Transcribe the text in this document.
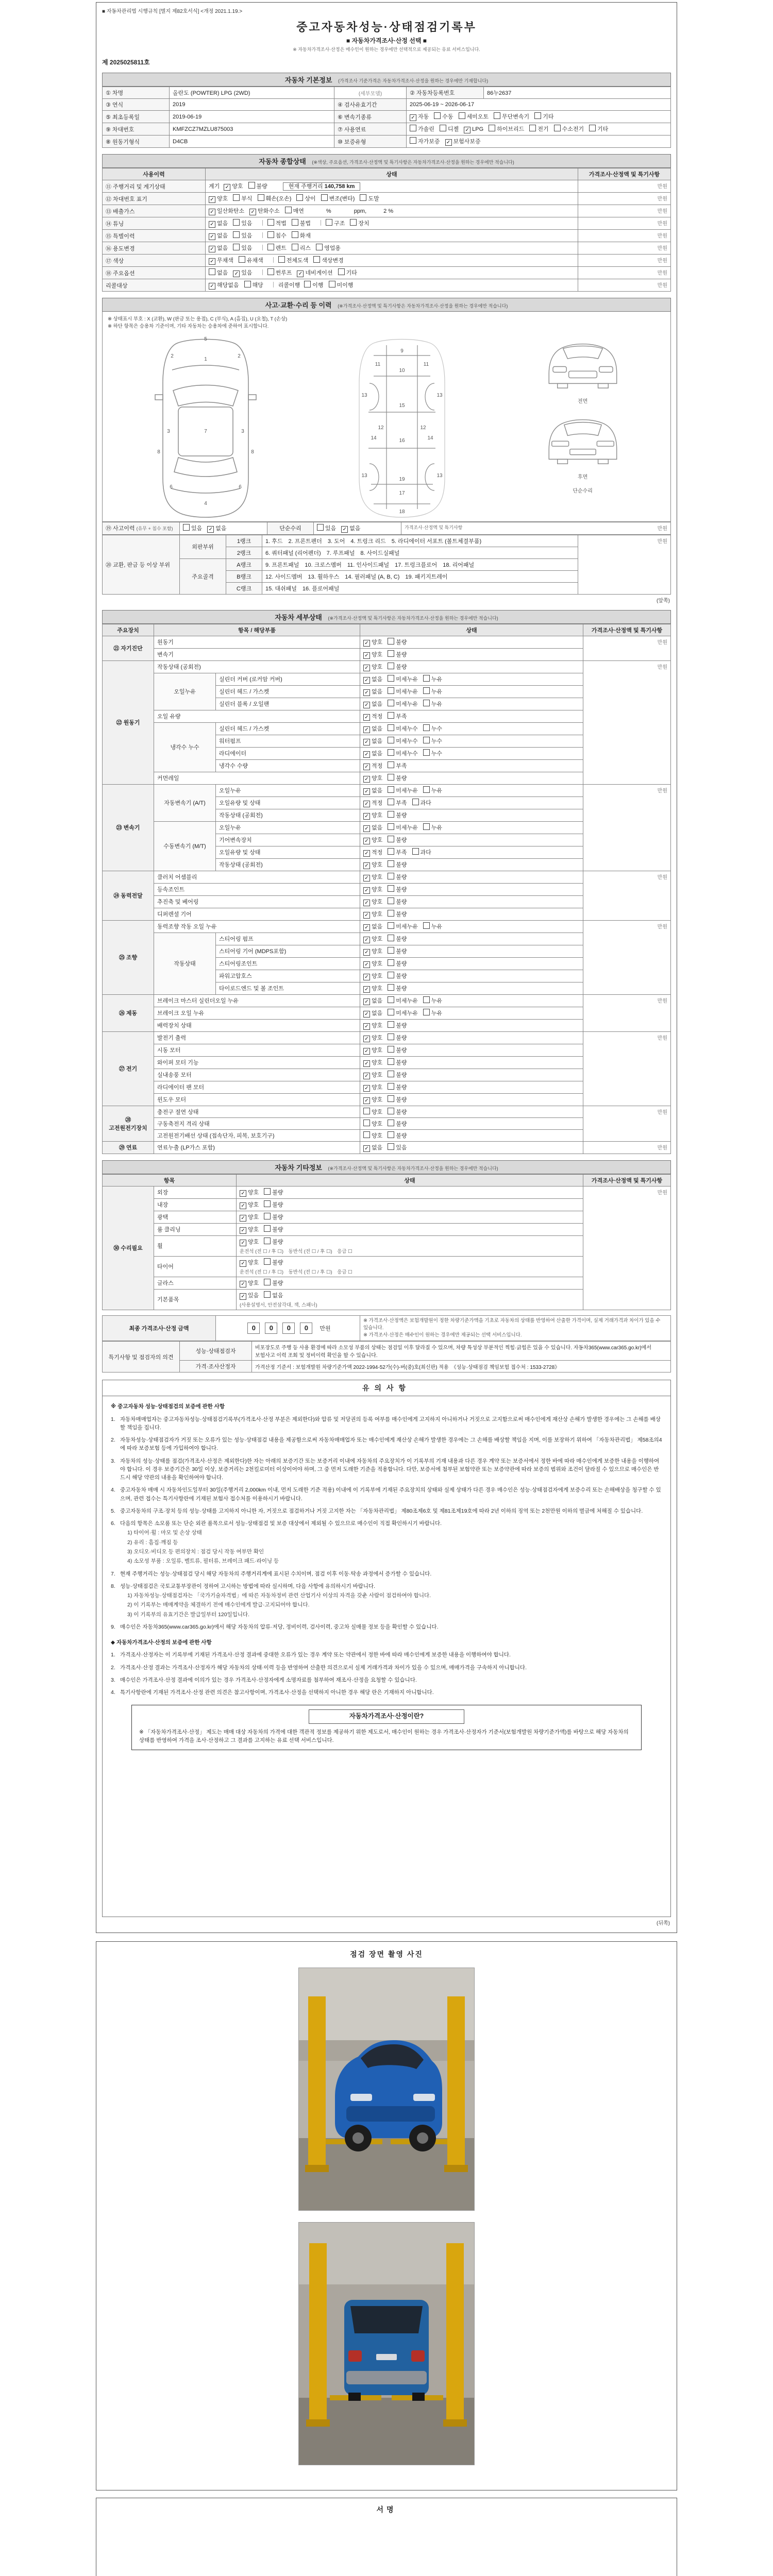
■ 자동차관리법 시행규칙 [별지 제82호서식] <개정 2021.1.19.>
중고자동차성능·상태점검기록부
■ 자동차가격조사·산정 선택 ■
※ 자동차가격조사·산정은 매수인이 원하는 경우에만 선택적으로 제공되는 유료 서비스입니다.
제 2025025811호
자동차 기본정보 (가격조사 기준가격은 자동차가격조사·산정을 원하는 경우에만 기재합니다)
① 차명	올란도 (POWTER) LPG (2WD)	(세부모델)	② 자동차등록번호	86누2637
③ 연식	2019	④ 검사유효기간	2025-06-19 ~ 2026-06-17	
⑤ 최초등록일	2019-06-19	⑥ 변속기종류	✓ 자동 수동 세미오토 무단변속기 기타	
⑨ 차대번호	KMFZCZ7MZLU875003	⑦ 사용연료	가솔린 디젤 ✓ LPG 하이브리드 전기 수소전기 기타	
⑧ 원동기형식	D4CB	⑩ 보증유형	자가보증 ✓ 보험사보증	
자동차 종합상태 (※색상, 주요옵션, 가격조사·산정액 및 특기사항은 자동차가격조사·산정을 원하는 경우에만 적습니다)
사용이력	상태	가격조사·산정액 및 특기사항
⑪ 주행거리 및 계기상태	계기 ✓ 양호 불량 현재 주행거리 140,758 km	만원
⑫ 차대번호 표기	✓ 양호 부식 훼손(오손) 상이 변조(변타) 도말	만원
⑬ 배출가스	✓ 일산화탄소 ✓ 탄화수소 매연　　　%　　　　ppm,　　　2 %	만원
⑭ 튜닝	✓ 없음 있음 적법 불법 구조 장치	만원
⑮ 특별이력	✓ 없음 있음 침수 화재	만원
⑯ 용도변경	✓ 없음 있음 렌트 리스 영업용	만원
⑰ 색상	✓ 무채색 유채색 전체도색 색상변경	만원
⑱ 주요옵션	없음 ✓ 있음 썬루프 ✓ 네비게이션 기타	만원
리콜대상	✓ 해당없음 해당 리콜이행 이행 미이행	만원
사고·교환·수리 등 이력 (※가격조사·산정액 및 특기사항은 자동차가격조사·산정을 원하는 경우에만 적습니다)
※ 상태표시 부호 : X (교환), W (판금 또는 용접), C (부식), A (흠집), U (요철), T (손상)
※ 하단 항목은 승용차 기준이며, 기타 자동차는 승용차에 준하여 표시합니다.
1
7
4
2	2
3	3
6	6
8	8
5
9
10
11	11
12	12
13	13
13	13
14	14
15
16
19
17
18
전면
후면
단순수리
⑲ 사고이력 (유무 + 침수 포함)	있음 ✓ 없음	단순수리	있음 ✓ 없음	가격조사·산정액 및 특기사항	만원
⑳ 교환, 판금 등 이상 부위	외판부위	1랭크	1. 후드　2. 프론트펜더　3. 도어　4. 트렁크 리드　5. 라디에이터 서포트 (볼트체결부품)	만원
		2랭크	6. 쿼터패널 (리어펜더)　7. 루프패널　8. 사이드실패널	
	주요골격	A랭크	9. 프론트패널　10. 크로스멤버　11. 인사이드패널　17. 트렁크플로어　18. 리어패널	
		B랭크	12. 사이드멤버　13. 휠하우스　14. 필러패널 (A, B, C)　19. 패키지트레이	
		C랭크	15. 대쉬패널　16. 플로어패널	
(앞쪽)
자동차 세부상태 (※가격조사·산정액 및 특기사항은 자동차가격조사·산정을 원하는 경우에만 적습니다)
주요장치	항목 / 해당부품		상태	가격조사·산정액 및 특기사항
㉑ 자기진단	원동기		✓ 양호 불량	만원
	변속기		✓ 양호 불량	
㉒ 원동기	작동상태 (공회전)		✓ 양호 불량	만원
	오일누유	실린더 커버 (로커암 커버)	✓ 없음 미세누유 누유	
		실린더 헤드 / 가스켓	✓ 없음 미세누유 누유	
		실린더 블록 / 오일팬	✓ 없음 미세누유 누유	
	오일 유량		✓ 적정 부족	
	냉각수 누수	실린더 헤드 / 가스켓	✓ 없음 미세누수 누수	
		워터펌프	✓ 없음 미세누수 누수	
		라디에이터	✓ 없음 미세누수 누수	
		냉각수 수량	✓ 적정 부족	
	커먼레일		✓ 양호 불량	
㉓ 변속기	자동변속기 (A/T)	오일누유	✓ 없음 미세누유 누유	만원
		오일유량 및 상태	✓ 적정 부족 과다	
		작동상태 (공회전)	✓ 양호 불량	
	수동변속기 (M/T)	오일누유	✓ 없음 미세누유 누유	
		기어변속장치	✓ 양호 불량	
		오일유량 및 상태	✓ 적정 부족 과다	
		작동상태 (공회전)	✓ 양호 불량	
㉔ 동력전달	클러치 어셈블리		✓ 양호 불량	만원
	등속조인트		✓ 양호 불량	
	추진축 및 베어링		✓ 양호 불량	
	디퍼렌셜 기어		✓ 양호 불량	
㉕ 조향	동력조향 작동 오일 누유		✓ 없음 미세누유 누유	만원
	작동상태	스티어링 펌프	✓ 양호 불량	
		스티어링 기어 (MDPS포함)	✓ 양호 불량	
		스티어링조인트	✓ 양호 불량	
		파워고압호스	✓ 양호 불량	
		타이로드엔드 및 볼 조인트	✓ 양호 불량	
㉖ 제동	브레이크 마스터 실린더오일 누유		✓ 없음 미세누유 누유	만원
	브레이크 오일 누유		✓ 없음 미세누유 누유	
	배력장치 상태		✓ 양호 불량	
㉗ 전기	발전기 출력		✓ 양호 불량	만원
	시동 모터		✓ 양호 불량	
	와이퍼 모터 기능		✓ 양호 불량	
	실내송풍 모터		✓ 양호 불량	
	라디에이터 팬 모터		✓ 양호 불량	
	윈도우 모터		✓ 양호 불량	
㉘ 고전원전기장치	충전구 절연 상태		양호 불량	만원
	구동축전지 격리 상태		양호 불량	
	고전원전기배선 상태 (접속단자, 피복, 보호기구)		양호 불량	
㉙ 연료	연료누출 (LP가스 포함)		✓ 없음 있음	만원
자동차 기타정보 (※가격조사·산정액 및 특기사항은 자동차가격조사·산정을 원하는 경우에만 적습니다)
항목		상태	가격조사·산정액 및 특기사항
㉚ 수리필요	외장	✓ 양호 불량	만원
	내장	✓ 양호 불량	
	광택	✓ 양호 불량	
	룸 클리닝	✓ 양호 불량	
	휠	✓ 양호 불량
운전석 (전 ☐ / 후 ☐)　동반석 (전 ☐ / 후 ☐)　응급 ☐	

	타이어	✓ 양호 불량
운전석 (전 ☐ / 후 ☐)　동반석 (전 ☐ / 후 ☐)　응급 ☐	

	글라스	✓ 양호 불량	
	기본품목	✓ 있음 없음
(사용설명서, 안전삼각대, 잭, 스패너)	
최종 가격조사·산정 금액	0 0 0 0 만원	
※ 가격조사·산정액은 보험개발원이 정한 차량기준가액을 기초로 자동차의 상태를 반영하여 산출한 가격이며, 실제 거래가격과 차이가 있을 수 있습니다.
※ 가격조사·산정은 매수인이 원하는 경우에만 제공되는 선택 서비스입니다.
특기사항 및 점검자의 의견	성능·상태점검자	비포장도로 주행 등 사용 환경에 따라 소모성 부품의 상태는 점검일 이후 달라질 수 있으며, 차량 특성상 부분적인 찍힘·긁힘은 있을 수 있습니다. 자동차365(www.car365.go.kr)에서 보험사고 이력 조회 및 정비이력 확인을 할 수 있습니다.
	가격·조사산정자	가격산정 기준서 : 보험개발원 차량기준가액 2022-1994-52가(수)-버(중)호(최신판) 적용　《성능·상태점검 책임보험 접수처 : 1533-2728》
유의사항
※ 중고자동차 성능·상태점검의 보증에 관한 사항
1. 자동차매매업자는 중고자동차성능·상태점검기록부(가격조사·산정 부분은 제외한다)와 압류 및 저당권의 등록 여부를 매수인에게 고지하지 아니하거나 거짓으로 고지함으로써 매수인에게 재산상 손해가 발생한 경우에는 그 손해를 배상할 책임을 집니다.
2. 자동차성능·상태점검자가 거짓 또는 오류가 있는 성능·상태점검 내용을 제공함으로써 자동차매매업자 또는 매수인에게 재산상 손해가 발생한 경우에는 그 손해를 배상할 책임을 지며, 이를 보장하기 위하여 「자동차관리법」 제58조의4에 따라 보증보험 등에 가입하여야 합니다.
3. 자동차의 성능·상태를 점검(가격조사·산정은 제외한다)한 자는 아래의 보증기간 또는 보증거리 이내에 자동차의 주요장치가 이 기록부의 기재 내용과 다른 경우 계약 또는 보증서에서 정한 바에 따라 매수인에게 보증한 내용을 이행하여야 합니다. 이 경우 보증기간은 30일 이상, 보증거리는 2천킬로미터 이상이어야 하며, 그 중 먼저 도래한 기준을 적용합니다. 다만, 보증서에 첨부된 보험약관 또는 보증약관에 따라 보증의 범위와 조건이 달라질 수 있으므로 매수인은 반드시 해당 약관의 내용을 확인하여야 합니다.
4. 중고자동차 매매 시 자동차인도일부터 30일(주행거리 2,000km 이내, 먼저 도래한 기준 적용) 이내에 이 기록부에 기재된 주요장치의 상태와 실제 상태가 다른 경우 매수인은 성능·상태점검자에게 보증수리 또는 손해배상을 청구할 수 있으며, 관련 접수는 특기사항란에 기재된 보험사 접수처를 이용하시기 바랍니다.
5. 중고자동차의 구조·장치 등의 성능·상태를 고지하지 아니한 자, 거짓으로 점검하거나 거짓 고지한 자는 「자동차관리법」 제80조제6호 및 제81조제19호에 따라 2년 이하의 징역 또는 2천만원 이하의 벌금에 처해질 수 있습니다.
6. 다음의 항목은 소모품 또는 단순 외관 품목으로서 성능·상태점검 및 보증 대상에서 제외될 수 있으므로 매수인이 직접 확인하시기 바랍니다.
1) 타이어·휠 : 마모 및 손상 상태
2) 유리 : 흠집·깨짐 등
3) 오디오·비디오 등 편의장치 : 점검 당시 작동 여부만 확인
4) 소모성 부품 : 오일류, 벨트류, 필터류, 브레이크 패드·라이닝 등
7. 현재 주행거리는 성능·상태점검 당시 해당 자동차의 주행거리계에 표시된 수치이며, 점검 이후 이동·탁송 과정에서 증가할 수 있습니다.
8. 성능·상태점검은 국토교통부장관이 정하여 고시하는 방법에 따라 실시하며, 다음 사항에 유의하시기 바랍니다.
1) 자동차성능·상태점검자는 「국가기술자격법」에 따른 자동차정비 관련 산업기사 이상의 자격을 갖춘 사람이 점검하여야 합니다.
2) 이 기록부는 매매계약을 체결하기 전에 매수인에게 발급·고지되어야 합니다.
3) 이 기록부의 유효기간은 발급일부터 120일입니다.
9. 매수인은 자동차365(www.car365.go.kr)에서 해당 자동차의 압류·저당, 정비이력, 검사이력, 중고차 실매물 정보 등을 확인할 수 있습니다.
◆ 자동차가격조사·산정의 보증에 관한 사항
1. 가격조사·산정자는 이 기록부에 기재된 가격조사·산정 결과에 중대한 오류가 있는 경우 계약 또는 약관에서 정한 바에 따라 매수인에게 보증한 내용을 이행하여야 합니다.
2. 가격조사·산정 결과는 가격조사·산정자가 해당 자동차의 상태·이력 등을 반영하여 산출한 의견으로서 실제 거래가격과 차이가 있을 수 있으며, 매매가격을 구속하지 아니합니다.
3. 매수인은 가격조사·산정 결과에 이의가 있는 경우 가격조사·산정자에게 소명자료를 첨부하여 재조사·산정을 요청할 수 있습니다.
4. 특기사항란에 기재된 가격조사·산정 관련 의견은 참고사항이며, 가격조사·산정을 선택하지 아니한 경우 해당 란은 기재하지 아니합니다.
자동차가격조사·산정이란?
※ 「자동차가격조사·산정」 제도는 매매 대상 자동차의 가격에 대한 객관적 정보를 제공하기 위한 제도로서, 매수인이 원하는 경우 가격조사·산정자가 기준서(보험개발원 차량기준가액)를 바탕으로 해당 자동차의 상태를 반영하여 가격을 조사·산정하고 그 결과를 고지하는 유료 선택 서비스입니다.
(뒤쪽)
점검 장면 촬영 사진
서명
